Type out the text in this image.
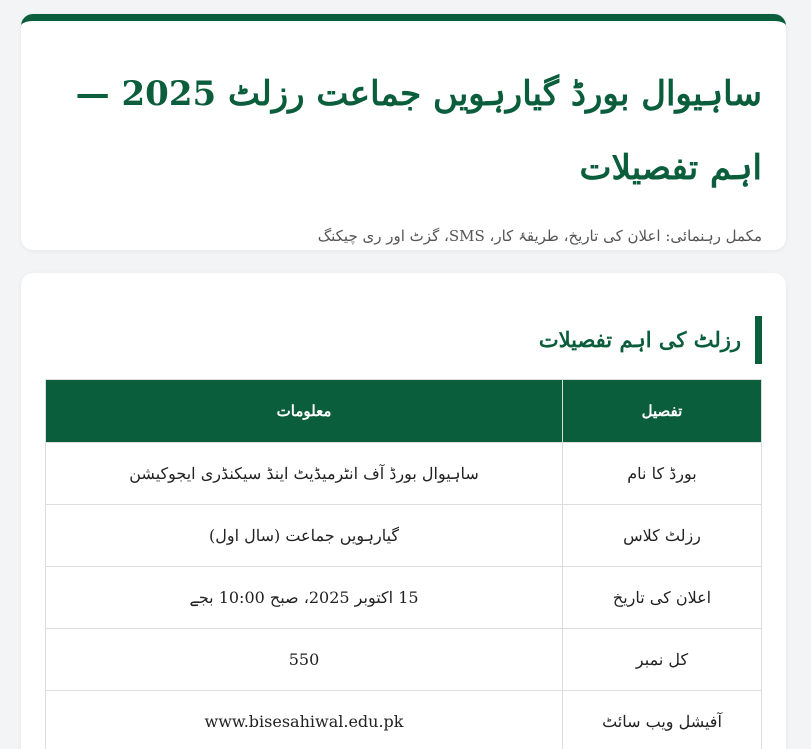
ساہیوال بورڈ گیارہویں جماعت رزلٹ 2025 — اہم تفصیلات

مکمل رہنمائی: اعلان کی تاریخ، طریقۂ کار، SMS، گزٹ اور ری چیکنگ

رزلٹ کی اہم تفصیلات
تفصیل	معلومات
بورڈ کا نام	ساہیوال بورڈ آف انٹرمیڈیٹ اینڈ سیکنڈری ایجوکیشن
رزلٹ کلاس	گیارہویں جماعت (سال اول)
اعلان کی تاریخ	15 اکتوبر 2025، صبح 10:00 بجے
کل نمبر	550
آفیشل ویب سائٹ	www.bisesahiwal.edu.pk
